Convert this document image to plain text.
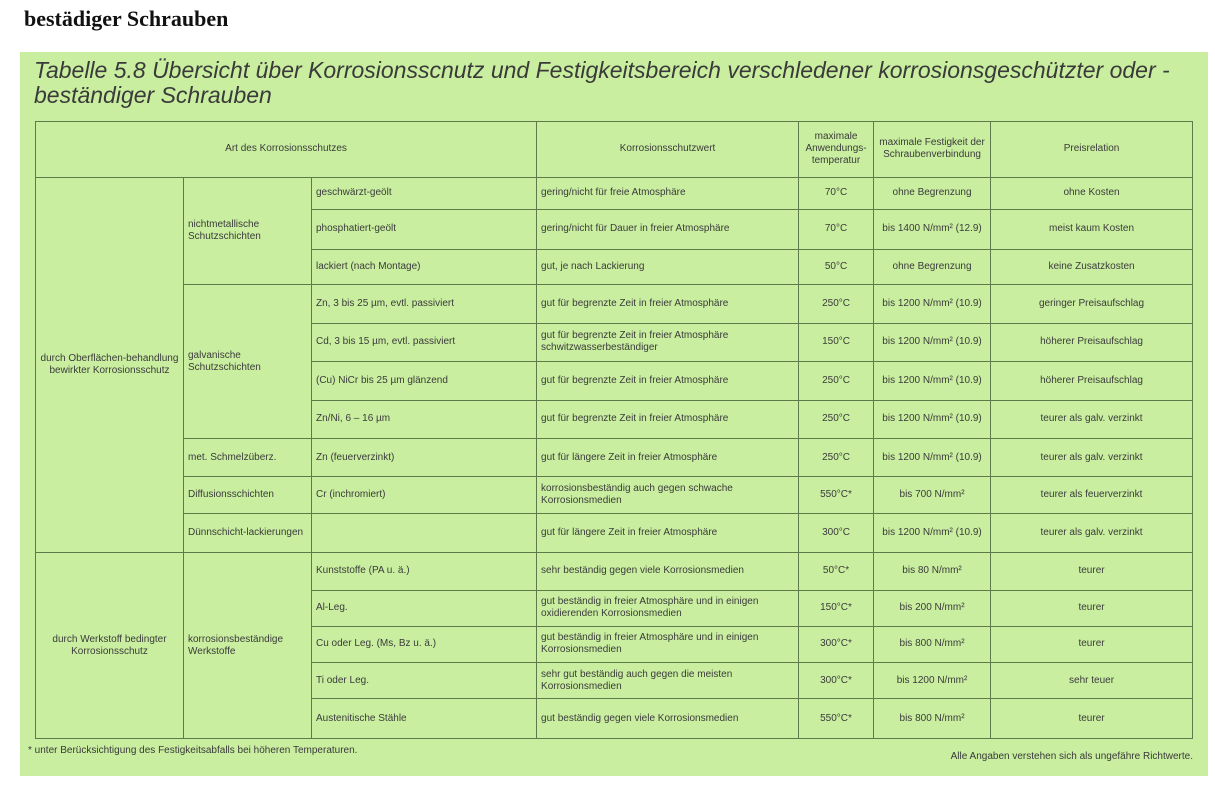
bestädiger Schrauben
Tabelle 5.8 Übersicht über Korrosionsscnutz und Festigkeitsbereich verschledener korrosionsgeschützter oder -beständiger Schrauben
Art des Korrosionsschutzes			Korrosionsschutzwert	maximale Anwendungs-temperatur	maximale Festigkeit der Schraubenverbindung	Preisrelation
durch Oberflächen-behandlung bewirkter Korrosionsschutz	nichtmetallische Schutzschichten	geschwärzt-geölt	gering/nicht für freie Atmosphäre	70°C	ohne Begrenzung	ohne Kosten
		phosphatiert-geölt	gering/nicht für Dauer in freier Atmosphäre	70°C	bis 1400 N/mm² (12.9)	meist kaum Kosten
		lackiert (nach Montage)	gut, je nach Lackierung	50°C	ohne Begrenzung	keine Zusatzkosten
	galvanische Schutzschichten	Zn, 3 bis 25 µm, evtl. passiviert	gut für begrenzte Zeit in freier Atmosphäre	250°C	bis 1200 N/mm² (10.9)	geringer Preisaufschlag
		Cd, 3 bis 15 µm, evtl. passiviert	gut für begrenzte Zeit in freier Atmosphäre schwitzwasserbeständiger	150°C	bis 1200 N/mm² (10.9)	höherer Preisaufschlag
		(Cu) NiCr bis 25 µm glänzend	gut für begrenzte Zeit in freier Atmosphäre	250°C	bis 1200 N/mm² (10.9)	höherer Preisaufschlag
		Zn/Ni, 6 – 16 µm	gut für begrenzte Zeit in freier Atmosphäre	250°C	bis 1200 N/mm² (10.9)	teurer als galv. verzinkt
	met. Schmelzüberz.	Zn (feuerverzinkt)	gut für längere Zeit in freier Atmosphäre	250°C	bis 1200 N/mm² (10.9)	teurer als galv. verzinkt
	Diffusionsschichten	Cr (inchromiert)	korrosionsbeständig auch gegen schwache Korrosionsmedien	550°C*	bis 700 N/mm²	teurer als feuerverzinkt
	Dünnschicht-lackierungen		gut für längere Zeit in freier Atmosphäre	300°C	bis 1200 N/mm² (10.9)	teurer als galv. verzinkt
durch Werkstoff bedingter Korrosionsschutz	korrosionsbeständige Werkstoffe	Kunststoffe (PA u. ä.)	sehr beständig gegen viele Korrosionsmedien	50°C*	bis 80 N/mm²	teurer
		Al-Leg.	gut beständig in freier Atmosphäre und in einigen oxidierenden Korrosionsmedien	150°C*	bis 200 N/mm²	teurer
		Cu oder Leg. (Ms, Bz u. ä.)	gut beständig in freier Atmosphäre und in einigen Korrosionsmedien	300°C*	bis 800 N/mm²	teurer
		Ti oder Leg.	sehr gut beständig auch gegen die meisten Korrosionsmedien	300°C*	bis 1200 N/mm²	sehr teuer
		Austenitische Stähle	gut beständig gegen viele Korrosionsmedien	550°C*	bis 800 N/mm²	teurer
* unter Berücksichtigung des Festigkeitsabfalls bei höheren Temperaturen.
Alle Angaben verstehen sich als ungefähre Richtwerte.
